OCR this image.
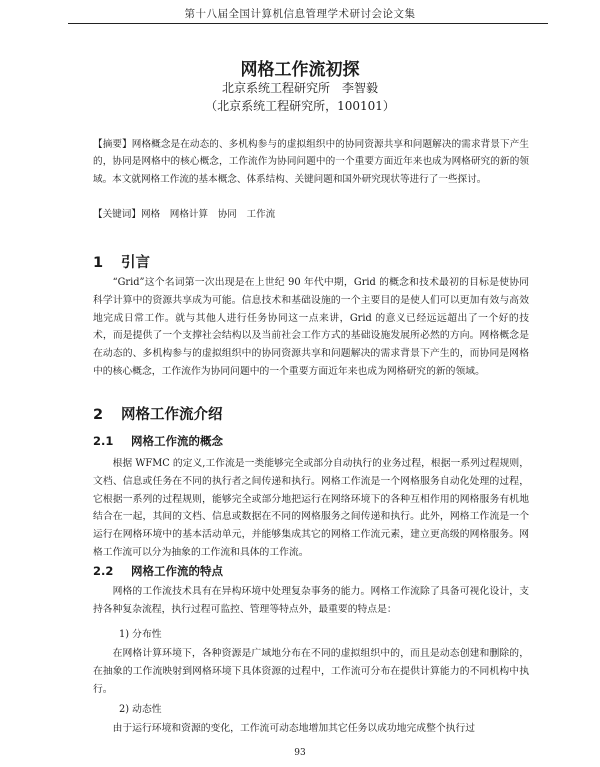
第十八届全国计算机信息管理学术研讨会论文集
网格工作流初探
北京系统工程研究所　李智毅
（北京系统工程研究所，100101）
【摘要】网格概念是在动态的、多机构参与的虚拟组织中的协同资源共享和问题解决的需求背景下产生的，协同是网格中的核心概念，工作流作为协同问题中的一个重要方面近年来也成为网格研究的新的领域。本文就网格工作流的基本概念、体系结构、关键问题和国外研究现状等进行了一些探讨。
【关键词】网格　网格计算　协同　工作流
1 引言
“Grid”这个名词第一次出现是在上世纪 90 年代中期，Grid 的概念和技术最初的目标是使协同科学计算中的资源共享成为可能。信息技术和基础设施的一个主要目的是使人们可以更加有效与高效地完成日常工作。就与其他人进行任务协同这一点来讲，Grid 的意义已经远远超出了一个好的技术，而是提供了一个支撑社会结构以及当前社会工作方式的基础设施发展所必然的方向。网格概念是在动态的、多机构参与的虚拟组织中的协同资源共享和问题解决的需求背景下产生的，而协同是网格中的核心概念，工作流作为协同问题中的一个重要方面近年来也成为网格研究的新的领域。
2 网格工作流介绍
2.1 网格工作流的概念
根据 WFMC 的定义,工作流是一类能够完全或部分自动执行的业务过程，根据一系列过程规则，文档、信息或任务在不同的执行者之间传递和执行。网格工作流是一个网格服务自动化处理的过程，它根据一系列的过程规则，能够完全或部分地把运行在网络环境下的各种互相作用的网格服务有机地结合在一起，其间的文档、信息或数据在不同的网格服务之间传递和执行。此外，网格工作流是一个运行在网格环境中的基本活动单元，并能够集成其它的网格工作流元素，建立更高级的网格服务。网格工作流可以分为抽象的工作流和具体的工作流。
2.2 网格工作流的特点
网格的工作流技术具有在异构环境中处理复杂事务的能力。网格工作流除了具备可视化设计，支持各种复杂流程，执行过程可监控、管理等特点外，最重要的特点是：
1) 分布性
在网格计算环境下，各种资源是广域地分布在不同的虚拟组织中的，而且是动态创建和删除的，在抽象的工作流映射到网格环境下具体资源的过程中，工作流可分布在提供计算能力的不同机构中执行。
2) 动态性
由于运行环境和资源的变化，工作流可动态地增加其它任务以成功地完成整个执行过
93
